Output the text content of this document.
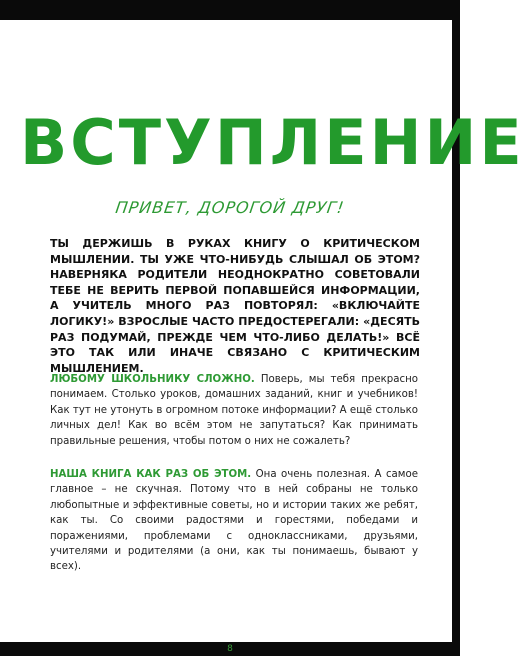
ВСТУПЛЕНИЕ
ПРИВЕТ, ДОРОГОЙ ДРУГ!

ТЫ ДЕРЖИШЬ В РУКАХ КНИГУ О КРИТИЧЕСКОМ МЫШЛЕНИИ. ТЫ УЖЕ ЧТО-НИБУДЬ СЛЫШАЛ ОБ ЭТОМ? НАВЕРНЯКА РОДИТЕЛИ НЕОДНОКРАТНО СОВЕТОВАЛИ ТЕБЕ НЕ ВЕРИТЬ ПЕРВОЙ ПОПАВШЕЙСЯ ИНФОРМАЦИИ, А УЧИТЕЛЬ МНОГО РАЗ ПОВТОРЯЛ: «ВКЛЮЧАЙТЕ ЛОГИКУ!» ВЗРОСЛЫЕ ЧАСТО ПРЕДОСТЕРЕГАЛИ: «ДЕСЯТЬ РАЗ ПОДУМАЙ, ПРЕЖДЕ ЧЕМ ЧТО-ЛИБО ДЕЛАТЬ!» ВСЁ ЭТО ТАК ИЛИ ИНАЧЕ СВЯЗАНО С КРИТИЧЕСКИМ МЫШЛЕНИЕМ.

ЛЮБОМУ ШКОЛЬНИКУ СЛОЖНО. Поверь, мы тебя прекрасно понимаем. Столько уроков, домашних заданий, книг и учебников! Как тут не утонуть в огромном потоке информации? А ещё столько личных дел! Как во всём этом не запутаться? Как принимать правильные решения, чтобы потом о них не сожалеть?

НАША КНИГА КАК РАЗ ОБ ЭТОМ. Она очень полезная. А самое главное – не скучная. Потому что в ней собраны не только любопытные и эффективные советы, но и истории таких же ребят, как ты. Со своими радостями и горестями, победами и поражениями, проблемами с одноклассниками, друзьями, учителями и родителями (а они, как ты понимаешь, бывают у всех).

8
